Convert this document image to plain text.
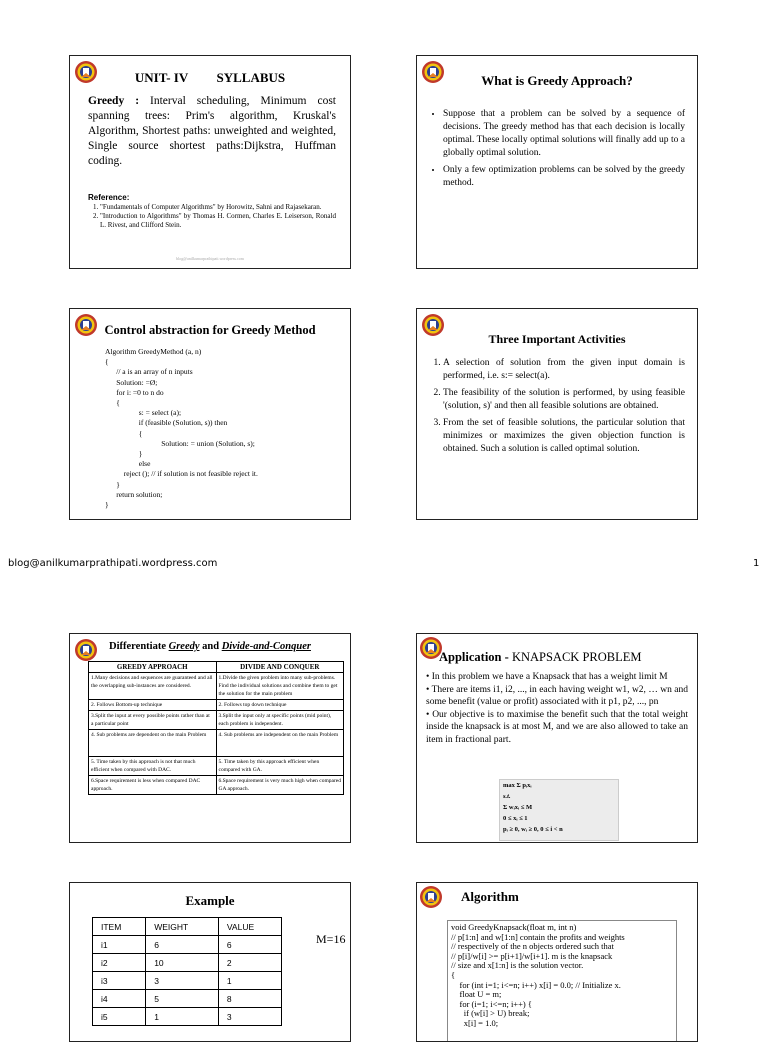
UNIT- IV SYLLABUS
Greedy : Interval scheduling, Minimum cost spanning trees: Prim's algorithm, Kruskal's Algorithm, Shortest paths: unweighted and weighted, Single source shortest paths:Dijkstra, Huffman coding.
Reference:
1. "Fundamentals of Computer Algorithms" by Horowitz, Sahni and Rajasekaran.
2. "Introduction to Algorithms" by Thomas H. Cormen, Charles E. Leiserson, Ronald L. Rivest, and Clifford Stein.
blog@anilkumarprathipati.wordpress.com
What is Greedy Approach?
• Suppose that a problem can be solved by a sequence of decisions. The greedy method has that each decision is locally optimal. These locally optimal solutions will finally add up to a globally optimal solution.
• Only a few optimization problems can be solved by the greedy method.
Control abstraction for Greedy Method
Algorithm GreedyMethod (a, n)
{
// a is an array of n inputs
Solution: =Ø;
for i: =0 to n do
{
s: = select (a);
if (feasible (Solution, s)) then
{
Solution: = union (Solution, s);
}
else
reject (); // if solution is not feasible reject it.
}
return solution;
}
Three Important Activities
1. A selection of solution from the given input domain is performed, i.e. s:= select(a).
2. The feasibility of the solution is performed, by using feasible '(solution, s)' and then all feasible solutions are obtained.
3. From the set of feasible solutions, the particular solution that minimizes or maximizes the given objection function is obtained. Such a solution is called optimal solution.
blog@anilkumarprathipati.wordpress.com	1
Differentiate Greedy and Divide-and-Conquer
GREEDY APPROACH	DIVIDE AND CONQUER
1.Many decisions and sequences are guaranteed and all the overlapping sub-instances are considered.	1.Divide the given problem into many sub-problems. Find the individual solutions and combine them to get the solution for the main problem
2. Follows Bottom-up technique	2. Follows top down technique
3.Split the input at every possible points rather than at a particular point	3.Split the input only at specific points (mid point), each problem is independent.
4. Sub problems are dependent on the main Problem	4. Sub problems are independent on the main Problem
5. Time taken by this approach is not that much efficient when compared with DAC.	5. Time taken by this approach efficient when compared with GA.
6.Space requirement is less when compared DAC approach.	6.Space requirement is very much high when compared GA approach.
Application - KNAPSACK PROBLEM
• In this problem we have a Knapsack that has a weight limit M
• There are items i1, i2, ..., in each having weight w1, w2, … wn and some benefit (value or profit) associated with it p1, p2, ..., pn
• Our objective is to maximise the benefit such that the total weight inside the knapsack is at most M, and we are also allowed to take an item in fractional part.
max Σ pᵢxᵢ
s.t.
Σ wᵢxᵢ ≤ M
0 ≤ xᵢ ≤ 1
pᵢ ≥ 0, wᵢ ≥ 0, 0 ≤ i < n
Example
ITEM	WEIGHT	VALUE
i1	6	6
i2	10	2
i3	3	1
i4	5	8
i5	1	3
M=16
Algorithm
void GreedyKnapsack(float m, int n)
// p[1:n] and w[1:n] contain the profits and weights
// respectively of the n objects ordered such that
// p[i]/w[i] >= p[i+1]/w[i+1]. m is the knapsack
// size and x[1:n] is the solution vector.
{
for (int i=1; i<=n; i++) x[i] = 0.0; // Initialize x.
float U = m;
for (i=1; i<=n; i++) {
if (w[i] > U) break;
x[i] = 1.0;
